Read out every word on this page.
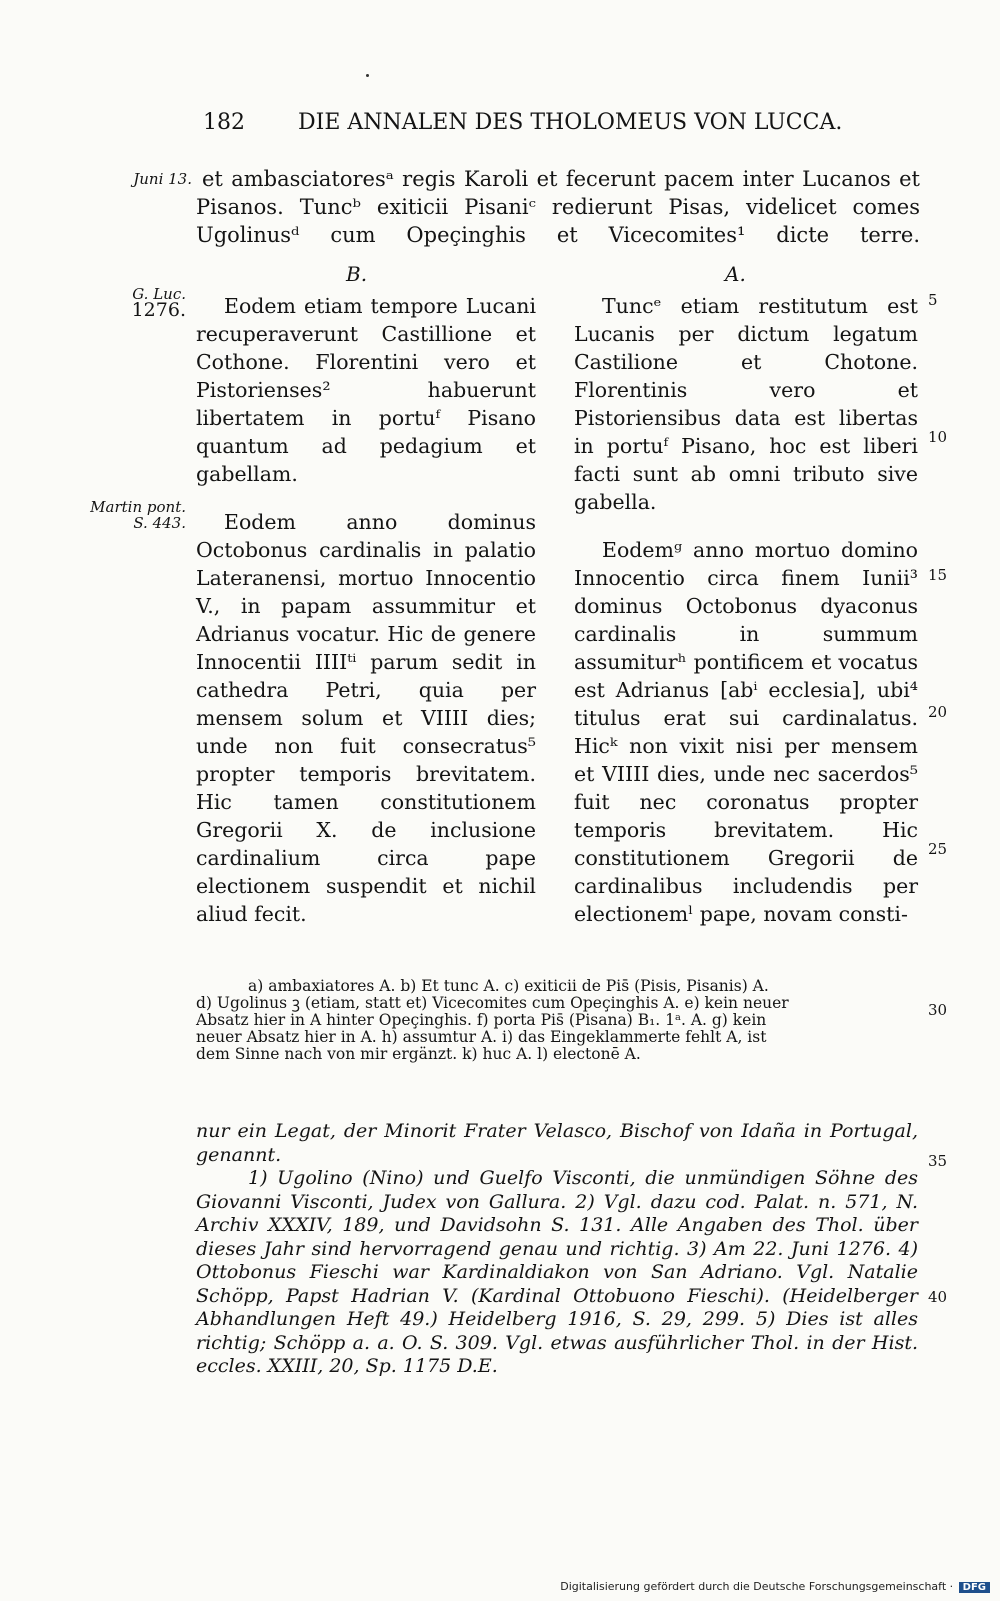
182 DIE ANNALEN DES THOLOMEUS VON LUCCA.
Juni 13. et ambasciatoresᵃ regis Karoli et fecerunt pacem inter Lucanos et
Pisanos. Tuncᵇ exiticii Pisaniᶜ redierunt Pisas, videlicet comes
Ugolinusᵈ cum Opeçinghis et Vicecomites¹ dicte terre.
B.	A.
G. Luc.
1276.
Martin pont.
S. 443.

Eodem etiam tempore Lucani recuperaverunt Castillione et Cothone. Florentini vero et Pistorienses² habuerunt libertatem in portuᶠ Pisano quantum ad pedagium et gabellam.

Eodem anno dominus Octobonus cardinalis in palatio Lateranensi, mortuo Innocentio V., in papam assummitur et Adrianus vocatur. Hic de genere Innocentii IIIIᵗⁱ parum sedit in cathedra Petri, quia per mensem solum et VIIII dies; unde non fuit consecratus⁵ propter temporis brevitatem. Hic tamen constitutionem Gregorii X. de inclusione cardinalium circa pape electionem suspendit et nichil aliud fecit.

Tuncᵉ etiam restitutum est Lucanis per dictum legatum Castilione et Chotone. Florentinis vero et Pistoriensibus data est libertas in portuᶠ Pisano, hoc est liberi facti sunt ab omni tributo sive gabella.

Eodemᵍ anno mortuo domino Innocentio circa finem Iunii³ dominus Octobonus dyaconus cardinalis in summum assumiturʰ pontificem et vocatus est Adrianus [abⁱ ecclesia], ubi⁴ titulus erat sui cardinalatus. Hicᵏ non vixit nisi per mensem et VIIII dies, unde nec sacerdos⁵ fuit nec coronatus propter temporis brevitatem. Hic constitutionem Gregorii de cardinalibus includendis per electionemˡ pape, novam consti-

5
10
15
20
25
30
35
40
a) ambaxiatores A. b) Et tunc A. c) exiticii de Pis̄ (Pisis, Pisanis) A.
d) Ugolinus ꝫ (etiam, statt et) Vicecomites cum Opeçinghis A. e) kein neuer
Absatz hier in A hinter Opeçinghis. f) porta Pis̄ (Pisana) B₁. 1ᵃ. A. g) kein
neuer Absatz hier in A. h) assumtur A. i) das Eingeklammerte fehlt A, ist
dem Sinne nach von mir ergänzt. k) huc A. l) electonē A.

nur ein Legat, der Minorit Frater Velasco, Bischof von Idaña in Portugal, genannt.

1) Ugolino (Nino) und Guelfo Visconti, die unmündigen Söhne des Giovanni Visconti, Judex von Gallura. 2) Vgl. dazu cod. Palat. n. 571, N. Archiv XXXIV, 189, und Davidsohn S. 131. Alle Angaben des Thol. über dieses Jahr sind hervorragend genau und richtig. 3) Am 22. Juni 1276. 4) Ottobonus Fieschi war Kardinaldiakon von San Adriano. Vgl. Natalie Schöpp, Papst Hadrian V. (Kardinal Ottobuono Fieschi). (Heidelberger Abhandlungen Heft 49.) Heidelberg 1916, S. 29, 299. 5) Dies ist alles richtig; Schöpp a. a. O. S. 309. Vgl. etwas ausführlicher Thol. in der Hist. eccles. XXIII, 20, Sp. 1175 D.E.

Digitalisierung gefördert durch die Deutsche Forschungsgemeinschaft · DFG
